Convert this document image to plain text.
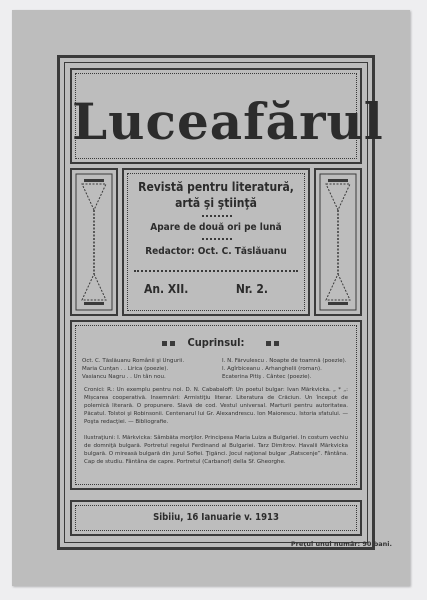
Luceafărul
Revistă pentru literatură,
artă şi ştiinţă
Apare de două ori pe lună
Redactor: Oct. C. Tăslăuanu
An. XII.	Nr. 2.
Cuprinsul:
Oct. C. Tăslăuanu Românii şi Ungurii.
Maria Cunțan . . Lirica (poezie).
Vasiancu Nagru . . Un tân nou.
I. N. Fărvulescu . Noapte de toamnă (poezie).
I. Agîrbiceanu . Arhanghelii (roman).
Ecaterina Pitiş . Cântec (poezie).
Cronici: R.: Un exemplu pentru noi. D. N. Cababaloff: Un poetul bulgar: Ivan Mărkvicka. „ * „: Mișcarea cooperativă. Insemnări: Armistiţiu literar. Literatura de Crăciun. Un început de polemică literară. O propunere. Slavă de cod. Vestul universal. Marturii pentru autoritatea. Păcatul. Tolstoi şi Robinsonii. Centenarul lui Gr. Alexandrescu. Ion Maiorescu. Istoria sfatului. — Poşta redacţiei. — Bibliografie.
Ilustraţiuni: I. Mărkvicka: Sâmbăta morţilor. Principesa Maria Luiza a Bulgariei. In costum vechiu de domniţă bulgară. Portretul regelui Ferdinand al Bulgariei. Tarz Dimitrov. Havalii Mărkvicka bulgară. O mireasă bulgară din jurul Sofiei. Ţigănci. Jocul naţional bulgar „Ratscenje”. Fântâna. Cap de studiu. Fântâna de capre. Portretul (Carbanof) della Sf. Gheorghe.
Sibiiu, 16 Ianuarie v. 1913
Preţul unui număr: 90 bani.
